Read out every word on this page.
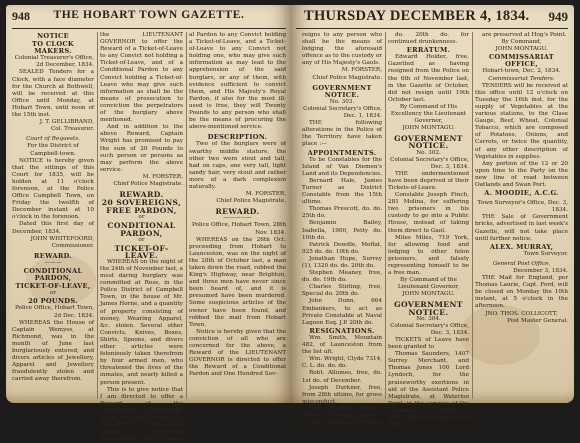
948	THE HOBART TOWN GAZETTE.

NOTICE

TO CLOCK MAKERS.

Colonial Treasurer's Office,

2d December, 1834.

SEALED Tenders for a Clock, with a face diameter for the Church at Bothwell, will be received at this Office until Monday, at Hobart Town, until noon of the 15th inst.

J. T. GELLIBRAND,

Col. Treasurer.

Court of Requests.

For the District of Campbell-town.

NOTICE is hereby given that the sittings of this Court for 1835, will be holden at 11 o'clock forenoon, at the Police Office Campbell Town, on Friday the twelfth of December instant at 10 o'clock in the forenoon.

Dated this first day of December, 1834.

JOHN WHITEFOORD,

Commissioner.

REWARD.

———

CONDITIONAL PARDON,

TICKET-OF-LEAVE,

or

20 POUNDS.

Police Office, Hobart Town, 2d Dec. 1834.

WHEREAS the House of Captain Wemyss, at Richmond, was in the month of June last burglariously entered, and divers articles of Jewellery, Apparel and Jewellery fraudulently stolen and carried away therefrom.

the LIEUTENANT GOVERNOR to offer the Reward of a Ticket-of-Leave to any Convict not holding a Ticket-of-Leave, and of a Conditional Pardon to any Convict holding a Ticket-of-Leave who may give such information as shall be the means of prosecution to conviction the perpetrators of the burglary above mentioned.

And in addition to the above Reward, Captain Wright has promised to pay the sum of 20 Pounds to such person or persons as may perform the above service.

M. FORSTER,

Chief Police Magistrate.

REWARD.

20 SOVEREIGNS,

FREE PARDON,

or

CONDITIONAL PARDON,

or

TICKET-OF-LEAVE.

WHEREAS on the night of the 24th of November last, a most daring burglary was committed at Ross, in the Police District of Campbell Town, in the house of Mr. James Horne, and a quantity of property consisting of money, Wearing Apparel, &c. stolen. Several other Convicts, Knives, Boxes, Shirts, Spoons, and divers other articles were feloniously taken therefrom by four armed men, who threatened the lives of the inmates, and nearly killed a person present.

This is to give notice that I am directed to offer a Reward of the LIEUTENANT GOVERNOR, in like case, the Reward of a Free Pardon to any person holding a Conditional Emancipation, a Conditional

al Pardon to any Convict holding a Ticket-of-Leave, and a Ticket-of-Leave to any Convict not holding one, who may give such information as may lead to the apprehension of the said burglars, or any of them, with evidence sufficient to convict them, and His Majesty's Royal Pardon, if also for the most ill-used is free, they will Twenty Pounds to any person who shall be the means of procuring the above-mentioned service.

DESCRIPTION.

Two of the burglars were of swarthy middle stature, the other two were stout and tall, had on caps, one very tall, light sandy hair, very stout and rather more of a dark complexion naturally.

M. FORSTER,

Chief Police Magistrate.

REWARD.

—————

Police Office, Hobart Town, 28th Nov. 1834.

WHEREAS on the 26th Oct. proceeding from Hobart to Launceston, was on the night of the 28th of October last, a man taken down the road, robbed the King's Highway, near Brighton, and three men have never since been heard of, and it is presumed have been murdered. Some suspicious articles of the owner have been found, and robbed the mail from Hobart Town.

Notice is hereby given that the conviction of all who are concerned for the above, a Reward of the LIEUTENANT GOVERNOR is directed to offer the Reward of a Conditional Pardon and One Hundred Sov-

THURSDAY DECEMBER 4, 1834. 949

reigns to any person who shall be the means of lodging the aforesaid offence as to the custody or any of His Majesty's Gaols.

M. FORSTER,

Chief Police Magistrate.

GOVERNMENT NOTICE.

No. 303.

Colonial Secretary's Office, Dec. 1, 1834.

THE following alterations in the Police of the Territory have taken place :—

APPOINTMENTS.

To be Constables for the Island of Van Diemen's Land and its Dependencies.

Bernard Hale, James Turner as District Constable from the 15th ultimo.

Thomas Prescott, do. do. 25th do.

Benjamin Bailey, Isabella, 1900, Petty do. 10th do.

Patrick Dowdle, Moffat, 925 do. do. 10th do.

Jonathan Hope, Surrey (1), 1320 do. do. 20th do.

Stephen Meaney, free, do. do. 19th do.

Charles Stirling, free, Special do. 20th do.

John Dunn, 664 Embankers, to act as Private Constable at Naval Lagoon Esq. J.P. 20th do.

RESIGNATIONS.

Wm. Smith, Mountain 482, of Launceston from the list ult.

Wm. Wright, Clyde 7314, C. L. do. do. do.

Robt. Allumes, free, do. 1st do. of December.

Joseph Durkner, free, from 28th ultimo, for gross misconduct.

Wm. Conder, Phoenix 403, do. for drunkenness.

John Henderson, Mullan (2)

do. 20th do. for continued drunkenness.

ERRATUM.

Edward Holder, free, Gazetted as having resigned from the Police on the 6th of November last, in the Gazette of October, did not resign until 19th October last.

By Command of His Excellency the Lieutenant Governor,

JOHN MONTAGU.

GOVERNMENT NOTICE.

No. 302.

Colonial Secretary's Office, Dec. 3, 1834.

THE undermentioned have been deprived of their Tickets-of-Leave.

Constable Joseph Finch, 281 Molina, for suffering two prisoners in his custody to go into a Public House, instead of taking them direct to Gaol.

Miles Miles, 719 York, for allowing food and lodging to other felon prisoners, and falsely representing himself to be a free man.

By Command of the Lieutenant Governor,

JOHN MONTAGU.

GOVERNMENT NOTICE.

No. 304.

Colonial Secretary's Office, Dec. 3, 1834.

TICKETS of Leave have been granted to

Thomas Saunders, 1407 Surrey Merchant, and Thomas Jones 100 Lord Lyndoch, for the praiseworthy exertions in aid of the Assistant Police Magistrate, at Waterloo Point, in the services of the capturing of a bush, by which the life of one of the crew

are preserved at Hog's Point.

By Command,

JOHN MONTAGU.

COMMISSARIAT OFFICE,

Hobart-town, Dec. 2, 1834.

Commissariat Tenders.

TENDERS will be received at this office until 12 o'clock on Tuesday the 16th inst. for the supply of Vegetables at the various stations, to the Clase Gauge, Beef, Wheat, Colonial Tobacco, which are composed of Potatoes, Onions, and Carrots, or twice the quantity, of any other description of Vegetables in supplies.

Any portion of the 12 or 20 upon time to the Party on the new line of road between Oatlands and Swan Port.

A. MOODIE, A.C.G.

Town Surveyor's Office, Dec. 3, 1834.

THE Sale of Government bricks, advertised in last week's Gazette, will not take place until further notice.

ALEX. MURRAY,

Town Surveyor.

General Post Office,

December 3, 1834.

THE Mail for England, per Thomas Laurie, Capt. Ford, will be closed on Monday the 10th instant, at 5 o'clock in the afternoon.

JNO. THOS. COLLICOTT,

Post Master General.
